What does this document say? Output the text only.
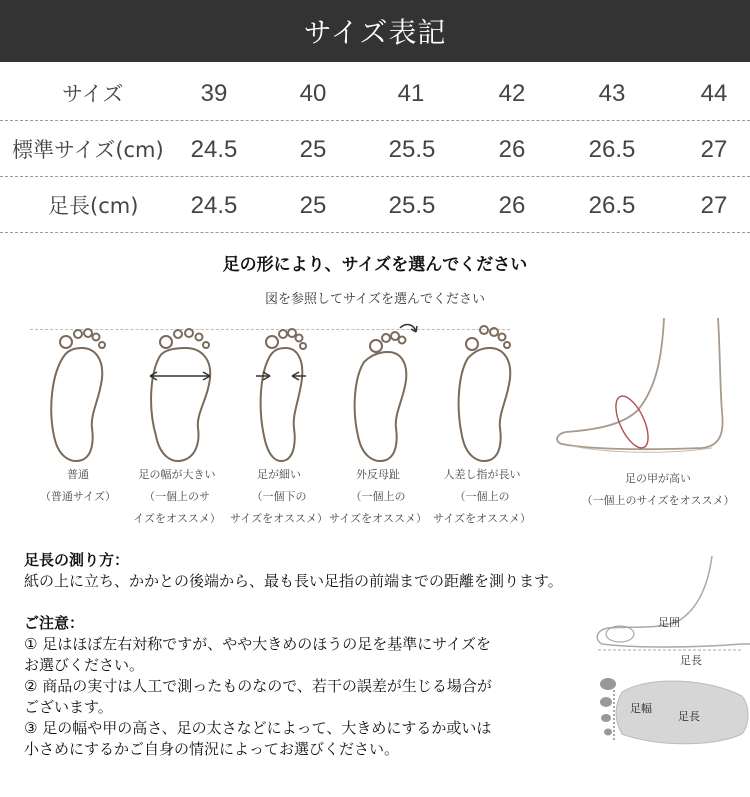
サイズ表記
サイズ	39	40	41	42	43	44
標準サイズ(cm)	24.5	25	25.5	26	26.5	27
足長(cm)	24.5	25	25.5	26	26.5	27
足の形により、サイズを選んでください
図を参照してサイズを選んでください
普通
（普通サイズ）
足の幅が大きい
（一個上のサ
イズをオススメ）
足が細い
（一個下の
サイズをオススメ）
外反母趾
（一個上の
サイズをオススメ）
人差し指が長い
（一個上の
サイズをオススメ）
足の甲が高い
（一個上のサイズをオススメ）

足長の測り方：

紙の上に立ち、かかとの後端から、最も長い足指の前端までの距離を測ります。

ご注意：

① 足はほぼ左右対称ですが、やや大きめのほうの足を基準にサイズを

お選びください。

② 商品の実寸は人工で測ったものなので、若干の誤差が生じる場合が

ございます。

③ 足の幅や甲の高さ、足の太さなどによって、大きめにするか或いは

小さめにするかご自身の情況によってお選びください。

足囲
足長
足幅
足長
